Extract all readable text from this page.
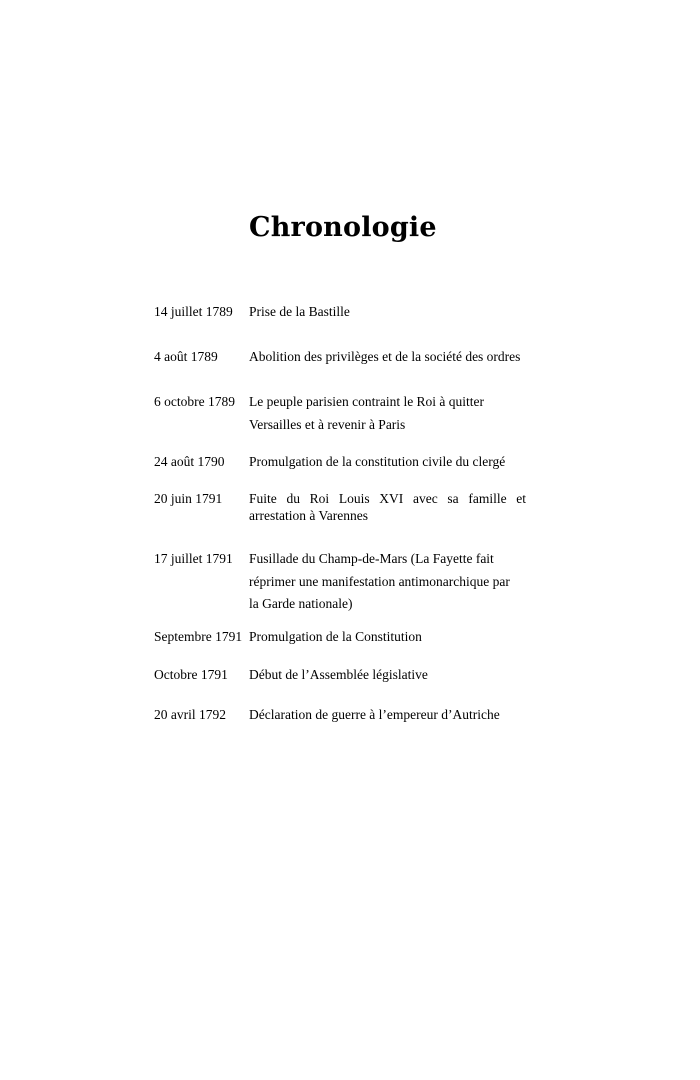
Chronologie
14 juillet 1789 Prise de la Bastille
4 août 1789 Abolition des privilèges et de la société des ordres
6 octobre 1789 Le peuple parisien contraint le Roi à quitter
Versailles et à revenir à Paris
24 août 1790 Promulgation de la constitution civile du clergé
20 juin 1791 Fuite du Roi Louis XVI avec sa famille et arrestation à Varennes
17 juillet 1791 Fusillade du Champ-de-Mars (La Fayette fait
réprimer une manifestation antimonarchique par
la Garde nationale)
Septembre 1791 Promulgation de la Constitution
Octobre 1791 Début de l’Assemblée législative
20 avril 1792 Déclaration de guerre à l’empereur d’Autriche
